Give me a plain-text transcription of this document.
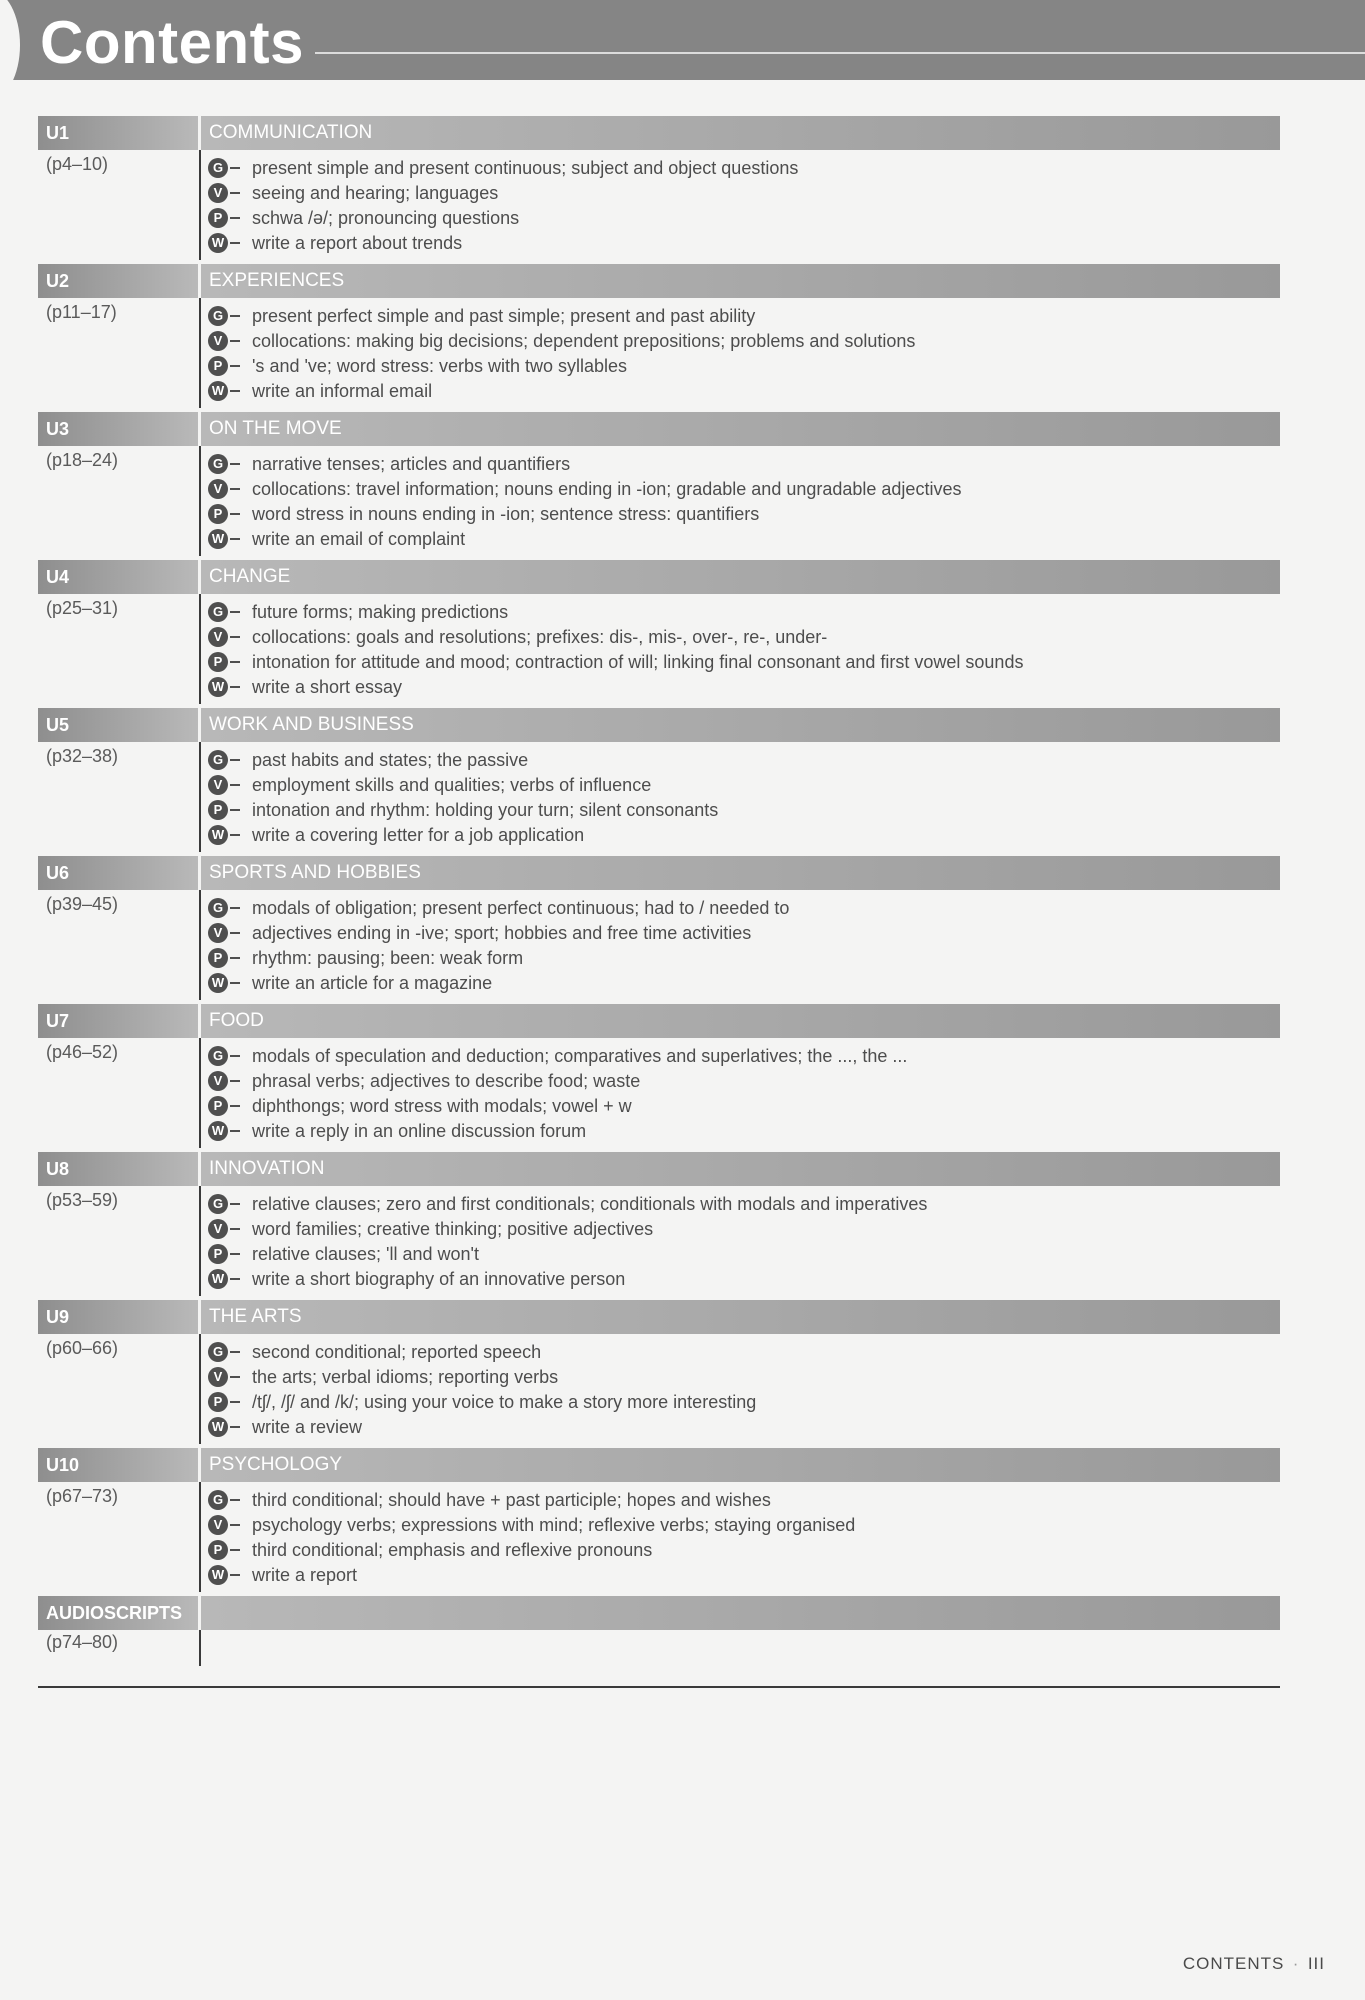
Contents
U1
(p4–10)
COMMUNICATION
G present simple and present continuous; subject and object questions
V seeing and hearing; languages
P schwa /ə/; pronouncing questions
W write a report about trends
U2
(p11–17)
EXPERIENCES
G present perfect simple and past simple; present and past ability
V collocations: making big decisions; dependent prepositions; problems and solutions
P 's and 've; word stress: verbs with two syllables
W write an informal email
U3
(p18–24)
ON THE MOVE
G narrative tenses; articles and quantifiers
V collocations: travel information; nouns ending in -ion; gradable and ungradable adjectives
P word stress in nouns ending in -ion; sentence stress: quantifiers
W write an email of complaint
U4
(p25–31)
CHANGE
G future forms; making predictions
V collocations: goals and resolutions; prefixes: dis-, mis-, over-, re-, under-
P intonation for attitude and mood; contraction of will; linking final consonant and first vowel sounds
W write a short essay
U5
(p32–38)
WORK AND BUSINESS
G past habits and states; the passive
V employment skills and qualities; verbs of influence
P intonation and rhythm: holding your turn; silent consonants
W write a covering letter for a job application
U6
(p39–45)
SPORTS AND HOBBIES
G modals of obligation; present perfect continuous; had to / needed to
V adjectives ending in -ive; sport; hobbies and free time activities
P rhythm: pausing; been: weak form
W write an article for a magazine
U7
(p46–52)
FOOD
G modals of speculation and deduction; comparatives and superlatives; the ..., the ...
V phrasal verbs; adjectives to describe food; waste
P diphthongs; word stress with modals; vowel + w
W write a reply in an online discussion forum
U8
(p53–59)
INNOVATION
G relative clauses; zero and first conditionals; conditionals with modals and imperatives
V word families; creative thinking; positive adjectives
P relative clauses; 'll and won't
W write a short biography of an innovative person
U9
(p60–66)
THE ARTS
G second conditional; reported speech
V the arts; verbal idioms; reporting verbs
P /tʃ/, /ʃ/ and /k/; using your voice to make a story more interesting
W write a review
U10
(p67–73)
PSYCHOLOGY
G third conditional; should have + past participle; hopes and wishes
V psychology verbs; expressions with mind; reflexive verbs; staying organised
P third conditional; emphasis and reflexive pronouns
W write a report
AUDIOSCRIPTS
(p74–80)
CONTENTS · III
